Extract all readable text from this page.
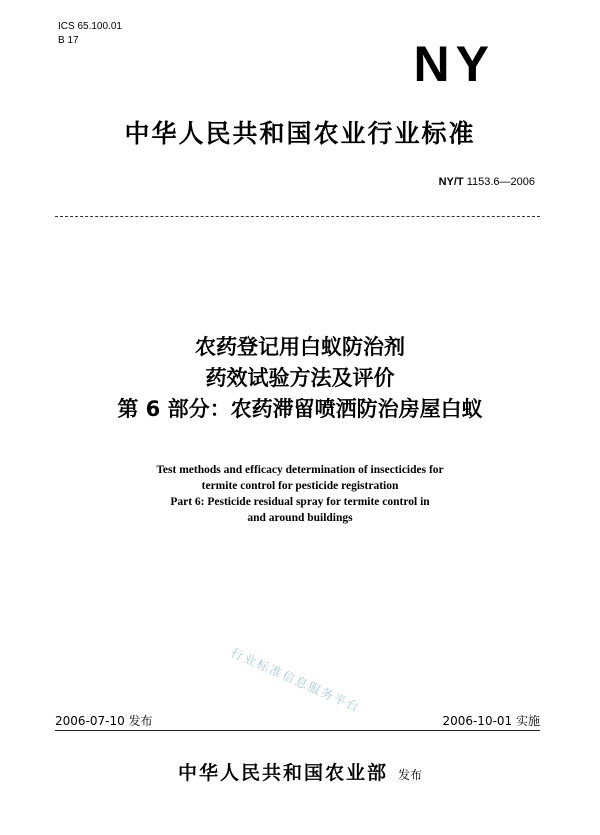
ICS 65.100.01
B 17	NY
中华人民共和国农业行业标准
NY/T 1153.6—2006
农药登记用白蚁防治剂
药效试验方法及评价
第 6 部分：农药滞留喷洒防治房屋白蚁
Test methods and efficacy determination of insecticides for
termite control for pesticide registration
Part 6: Pesticide residual spray for termite control in
and around buildings
行业标准信息服务平台
2006-07-10 发布	2006-10-01 实施
中华人民共和国农业部 发布
